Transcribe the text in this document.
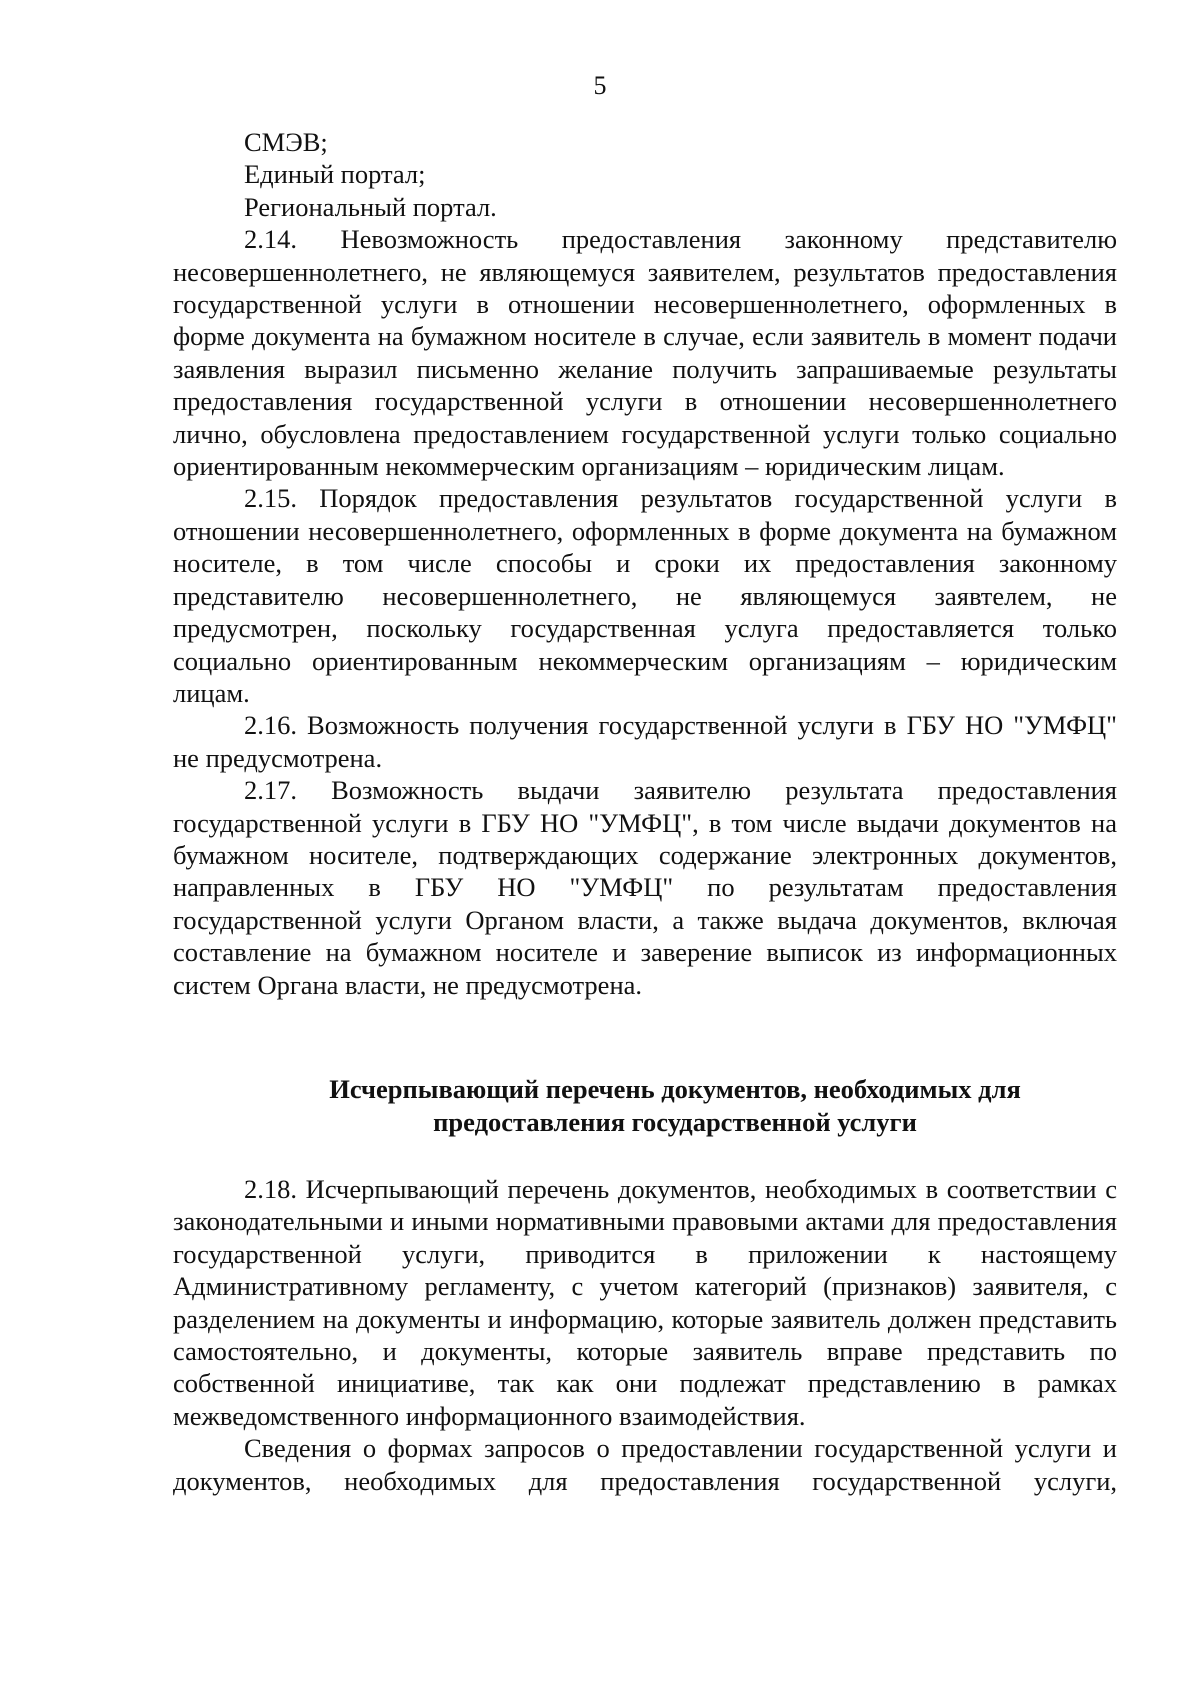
5

СМЭВ;

Единый портал;

Региональный портал.

2.14. Невозможность предоставления законному представителю несовершеннолетнего, не являющемуся заявителем, результатов предоставления государственной услуги в отношении несовершеннолетнего, оформленных в форме документа на бумажном носителе в случае, если заявитель в момент подачи заявления выразил письменно желание получить запрашиваемые результаты предоставления государственной услуги в отношении несовершеннолетнего лично, обусловлена предоставлением государственной услуги только социально ориентированным некоммерческим организациям – юридическим лицам.

2.15. Порядок предоставления результатов государственной услуги в отношении несовершеннолетнего, оформленных в форме документа на бумажном носителе, в том числе способы и сроки их предоставления законному представителю несовершеннолетнего, не являющемуся заявтелем, не предусмотрен, поскольку государственная услуга предоставляется только социально ориентированным некоммерческим организациям – юридическим лицам.

2.16. Возможность получения государственной услуги в ГБУ НО "УМФЦ" не предусмотрена.

2.17. Возможность выдачи заявителю результата предоставления государственной услуги в ГБУ НО "УМФЦ", в том числе выдачи документов на бумажном носителе, подтверждающих содержание электронных документов, направленных в ГБУ НО "УМФЦ" по результатам предоставления государственной услуги Органом власти, а также выдача документов, включая составление на бумажном носителе и заверение выписок из информационных систем Органа власти, не предусмотрена.

Исчерпывающий перечень документов, необходимых для
предоставления государственной услуги

2.18. Исчерпывающий перечень документов, необходимых в соответствии с законодательными и иными нормативными правовыми актами для предоставления государственной услуги, приводится в приложении к настоящему Административному регламенту, с учетом категорий (признаков) заявителя, с разделением на документы и информацию, которые заявитель должен представить самостоятельно, и документы, которые заявитель вправе представить по собственной инициативе, так как они подлежат представлению в рамках межведомственного информационного взаимодействия.

Сведения о формах запросов о предоставлении государственной услуги и документов, необходимых для предоставления государственной услуги,
